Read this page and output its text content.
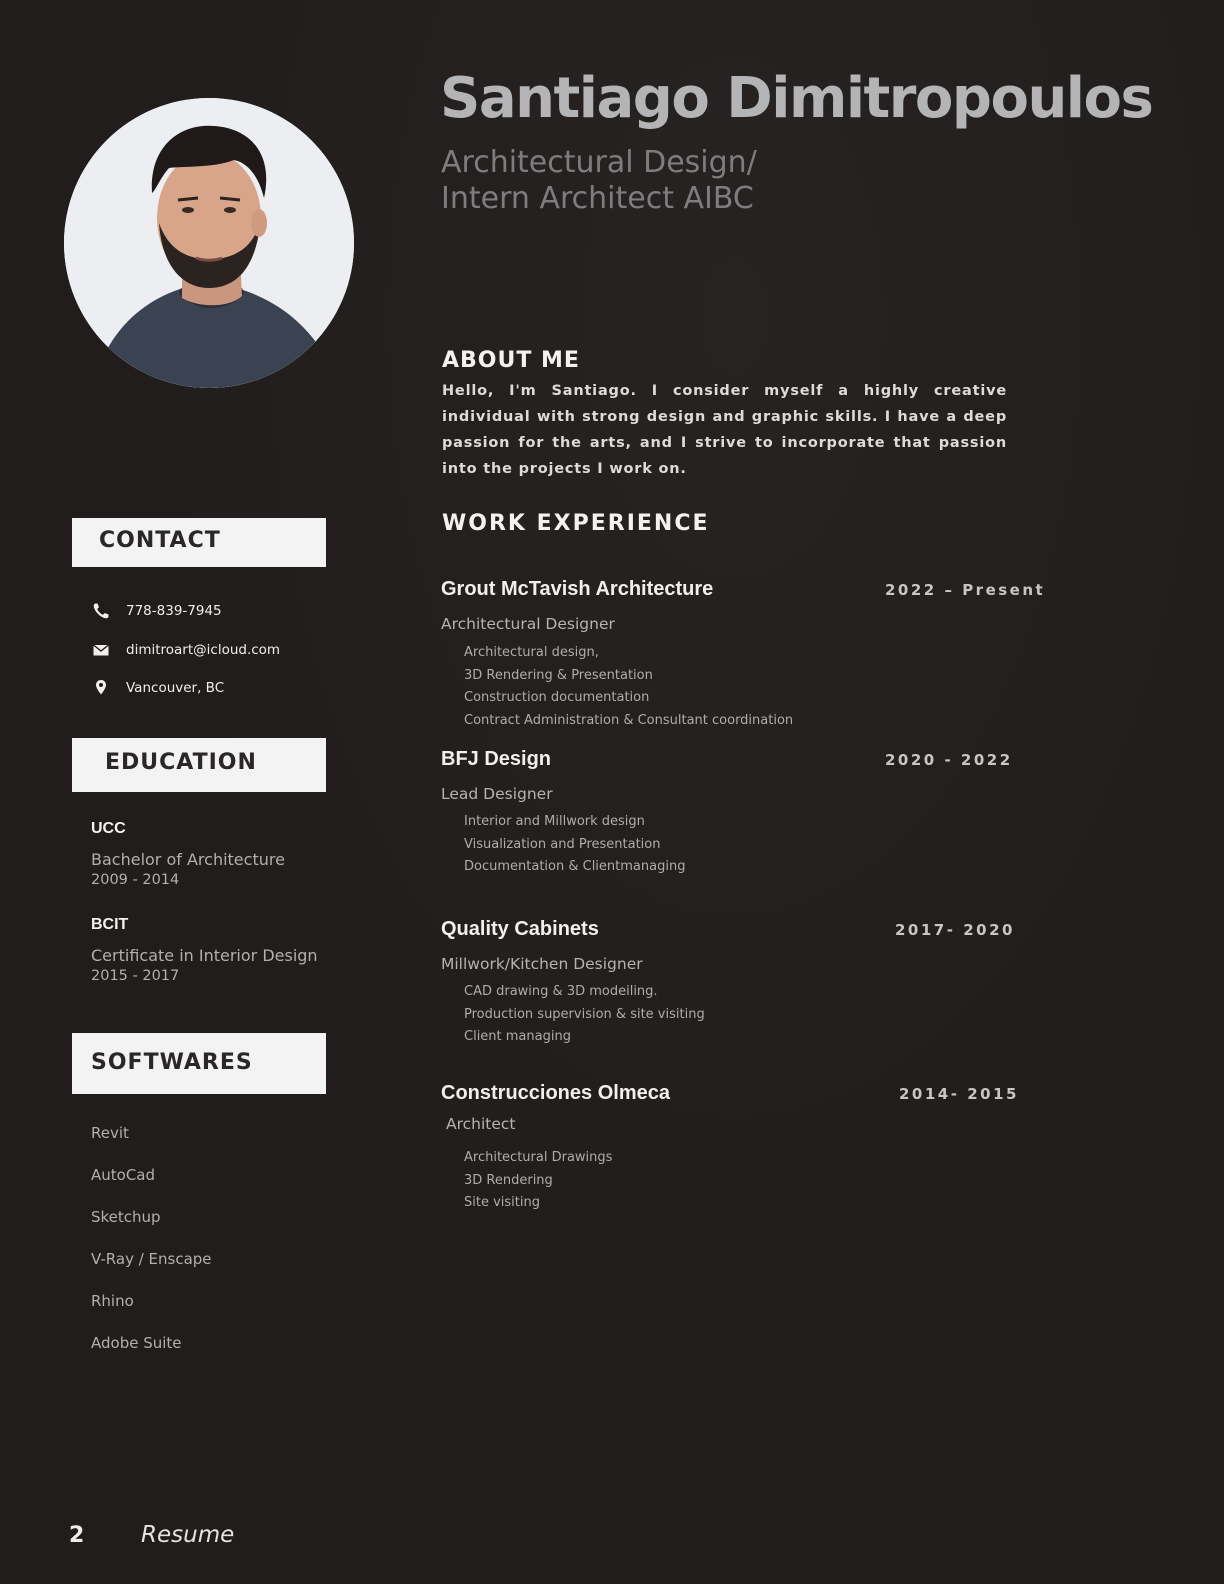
Santiago Dimitropoulos
Architectural Design/
Intern Architect AIBC
ABOUT ME
Hello, I'm Santiago. I consider myself a highly creative individual with strong design and graphic skills. I have a deep passion for the arts, and I strive to incorporate that passion into the projects I work on.
WORK EXPERIENCE
Grout McTavish Architecture	2022 – Present
Architectural Designer
Architectural design,
3D Rendering & Presentation
Construction documentation
Contract Administration & Consultant coordination
BFJ Design	2020 - 2022
Lead Designer
Interior and Millwork design
Visualization and Presentation
Documentation & Clientmanaging
Quality Cabinets	2017- 2020
Millwork/Kitchen Designer
CAD drawing & 3D modeiling.
Production supervision & site visiting
Client managing
Construcciones Olmeca	2014- 2015
Architect
Architectural Drawings
3D Rendering
Site visiting
CONTACT
778-839-7945
dimitroart@icloud.com
Vancouver, BC
EDUCATION
UCC
Bachelor of Architecture
2009 - 2014
BCIT
Certificate in Interior Design
2015 - 2017
SOFTWARES
Revit
AutoCad
Sketchup
V-Ray / Enscape
Rhino
Adobe Suite
2 Resume
